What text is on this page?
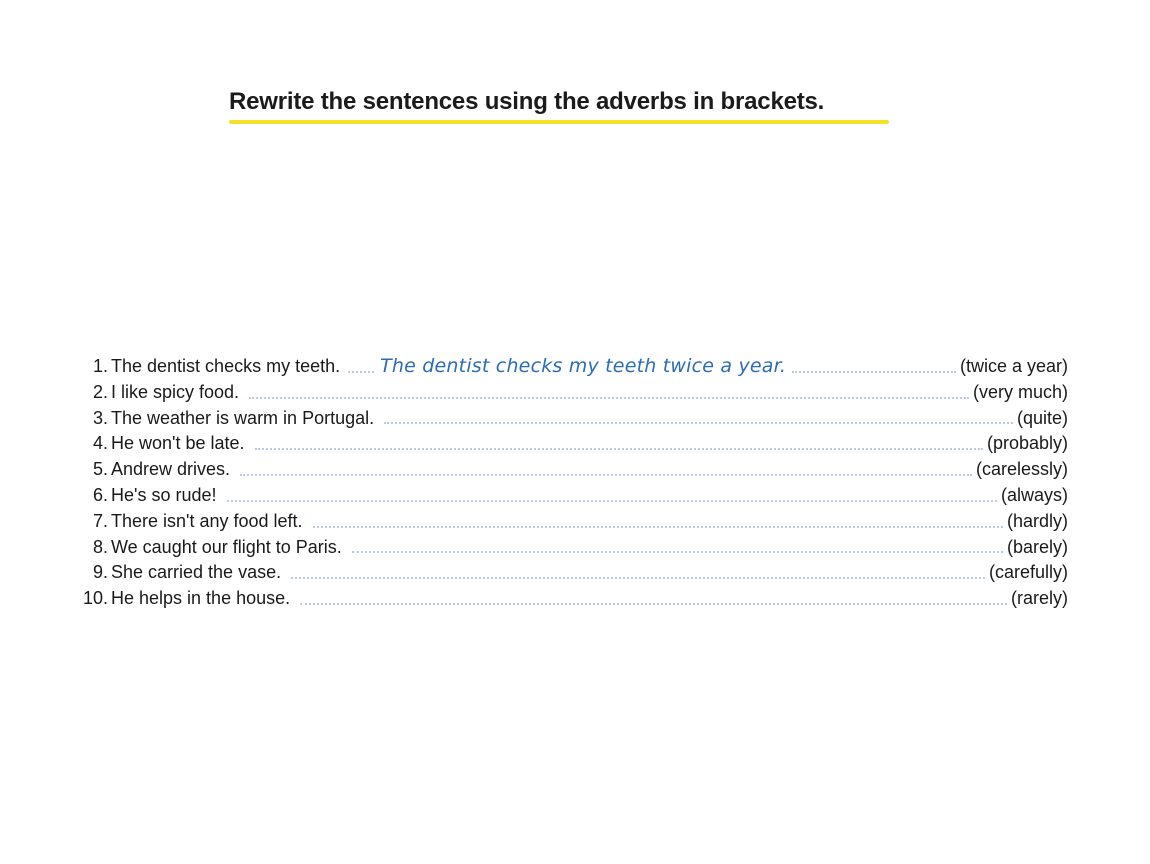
Rewrite the sentences using the adverbs in brackets.
1. The dentist checks my teeth. The dentist checks my teeth twice a year.	(twice a year)
2. I like spicy food.	(very much)
3. The weather is warm in Portugal.	(quite)
4. He won't be late.	(probably)
5. Andrew drives.	(carelessly)
6. He's so rude!	(always)
7. There isn't any food left.	(hardly)
8. We caught our flight to Paris.	(barely)
9. She carried the vase.	(carefully)
10. He helps in the house.	(rarely)
